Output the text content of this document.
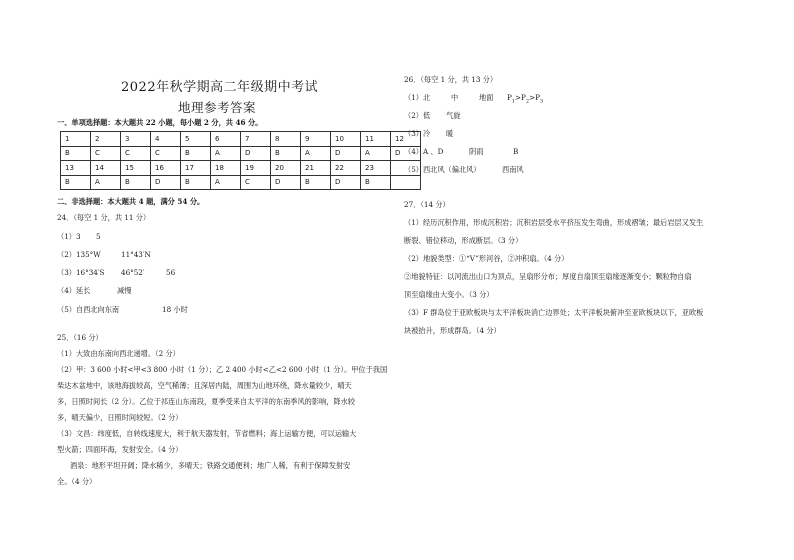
2022年秋学期高二年级期中考试
地理参考答案
一、单项选择题：本大题共 22 小题，每小题 2 分，共 46 分。
1	2	3	4	5	6	7	8	9	10	11	12
B	C	C	C	B	A	D	B	A	D	A	D
13	14	15	16	17	18	19	20	21	22	23	
B	A	B	D	B	A	C	D	B	D	B	
二、非选择题：本大题共 4 题，满分 54 分。
24．（每空 1 分，共 11 分）
（1）3 5
（2）135°W	11°43′N
（3）16°34′S 46°52′	56
（4）延长	减慢
（5）自西北向东南	18 小时
25．（16 分）
（1）大致由东南向西北递增。（2 分）
（2）甲：3 600 小时<甲<3 800 小时（1 分）；乙 2 400 小时<乙<2 600 小时（1 分）。甲位于我国
柴达木盆地中，该地海拔较高，空气稀薄；且深居内陆，周围为山地环绕，降水量较少，晴天
多，日照时间长（2 分）。乙位于祁连山东南段，夏季受来自太平洋的东南季风的影响，降水较
多，晴天偏少，日照时间较短。（2 分）
（3）文昌：纬度低，自转线速度大，利于航天器发射，节省燃料；海上运输方便，可以运输大
型火箭；四面环海，发射安全。（4 分）
酒泉：地形平坦开阔；降水稀少，多晴天；铁路交通便利；地广人稀，有利于保障发射安
全。（4 分）
26．（每空 1 分，共 13 分）
（1）北	中	地面 $P_1>P_2>P_3$
（2）低 气旋
（3）冷 暖
（4）A 、D	阴雨	B
（5）西北风（偏北风）	西南风
27．（14 分）
（1）经历沉积作用，形成沉积岩；沉积岩层受水平挤压发生弯曲，形成褶皱；最后岩层又发生
断裂、错位移动，形成断层。（3 分）
（2）地貌类型：①“V”形河谷，②冲积扇。（4 分）
②地貌特征：以河流出山口为顶点，呈扇形分布；厚度自扇顶至扇缘逐渐变小；颗粒物自扇
顶至扇缘由大变小。（3 分）
（3）F 群岛位于亚欧板块与太平洋板块消亡边界处；太平洋板块俯冲至亚欧板块以下，亚欧板
块被抬升，形成群岛。（4 分）
